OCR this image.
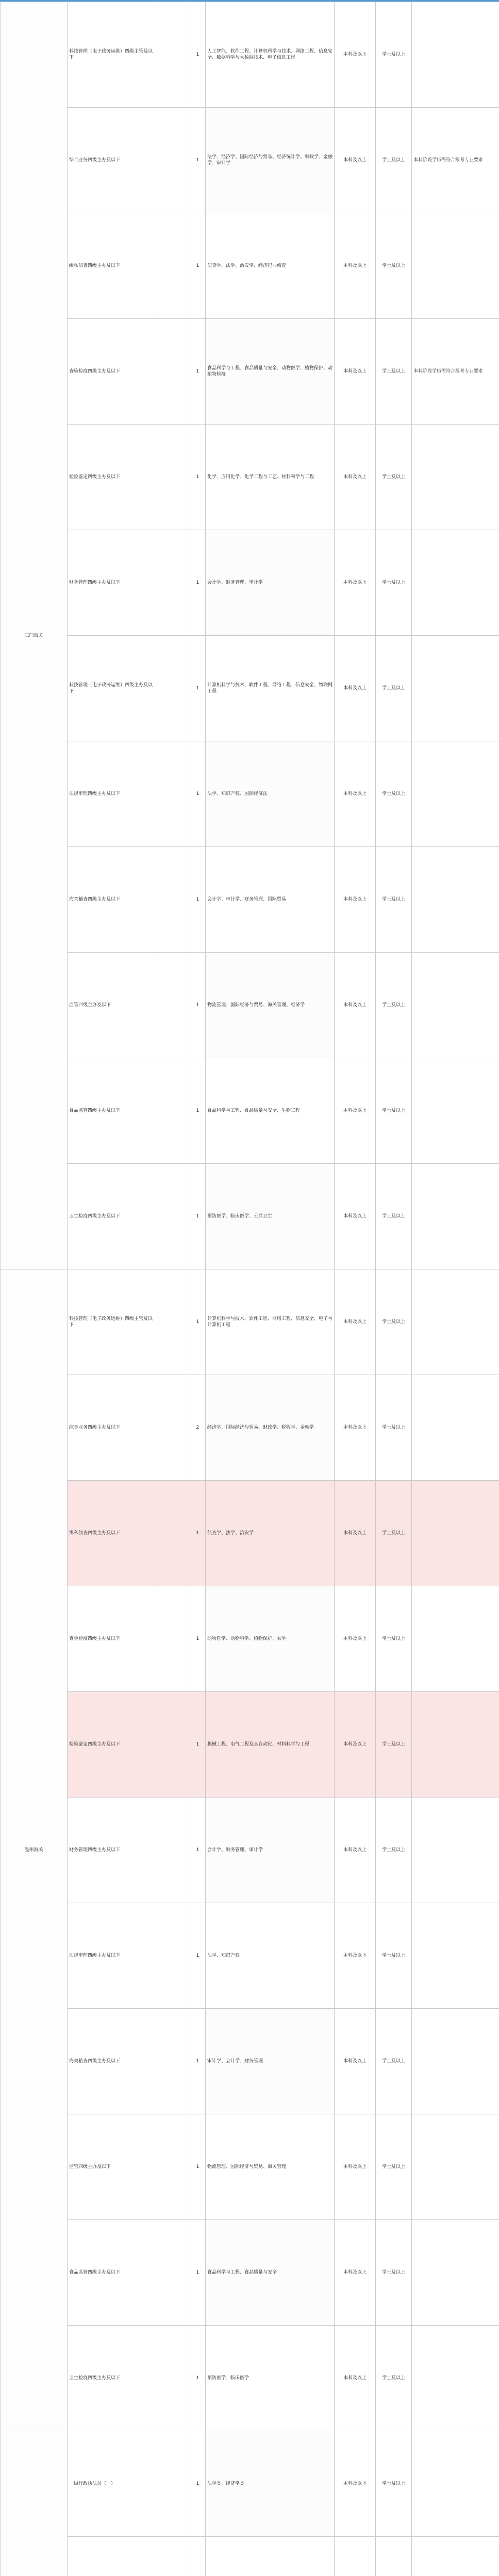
三门海关	科技管理（电子政务运维）四级主管及以下		1	人工智能、软件工程、计算机科学与技术、网络工程、信息安全、数据科学与大数据技术、电子信息工程	本科及以上	学士及以上	
	综合业务四级主办及以下		1	法学、经济学、国际经济与贸易、经济统计学、财政学、金融学、审计学	本科及以上	学士及以上	本科阶段学历需符合报考专业要求
	缉私侦查四级主办及以下		1	侦查学、法学、治安学、经济犯罪侦查	本科及以上	学士及以上	
	查验检疫四级主办及以下		1	食品科学与工程、食品质量与安全、动物医学、植物保护、动植物检疫	本科及以上	学士及以上	本科阶段学历需符合报考专业要求
	检验鉴定四级主办及以下		1	化学、应用化学、化学工程与工艺、材料科学与工程	本科及以上	学士及以上	
	财务管理四级主办及以下		1	会计学、财务管理、审计学	本科及以上	学士及以上	
	科技管理（电子政务运维）四级主办及以下		1	计算机科学与技术、软件工程、网络工程、信息安全、物联网工程	本科及以上	学士及以上	
	法规审理四级主办及以下		1	法学、知识产权、国际经济法	本科及以上	学士及以上	
	海关稽查四级主办及以下		1	会计学、审计学、财务管理、国际贸易	本科及以上	学士及以上	
	监管四级主办及以下		1	物流管理、国际经济与贸易、海关管理、经济学	本科及以上	学士及以上	
	食品监管四级主办及以下		1	食品科学与工程、食品质量与安全、生物工程	本科及以上	学士及以上	
	卫生检疫四级主办及以下		1	预防医学、临床医学、公共卫生	本科及以上	学士及以上	
温州海关	科技管理（电子政务运维）四级主管及以下		1	计算机科学与技术、软件工程、网络工程、信息安全、电子与计算机工程	本科及以上	学士及以上	
	综合业务四级主办及以下		2	经济学、国际经济与贸易、财政学、税收学、金融学	本科及以上	学士及以上	
	缉私侦查四级主办及以下		1	侦查学、法学、治安学	本科及以上	学士及以上	
	查验检疫四级主办及以下		1	动物医学、动物科学、植物保护、农学	本科及以上	学士及以上	
	检验鉴定四级主办及以下		1	机械工程、电气工程及其自动化、材料科学与工程	本科及以上	学士及以上	
	财务管理四级主办及以下		1	会计学、财务管理、审计学	本科及以上	学士及以上	
	法规审理四级主办及以下		1	法学、知识产权	本科及以上	学士及以上	
	海关稽查四级主办及以下		1	审计学、会计学、财务管理	本科及以上	学士及以上	
	监管四级主办及以下		1	物流管理、国际经济与贸易、海关管理	本科及以上	学士及以上	
	食品监管四级主办及以下		1	食品科学与工程、食品质量与安全	本科及以上	学士及以上	
	卫生检疫四级主办及以下		1	预防医学、临床医学	本科及以上	学士及以上	
	一级行政执法员（一）		1	法学类、经济学类	本科及以上	学士及以上	
